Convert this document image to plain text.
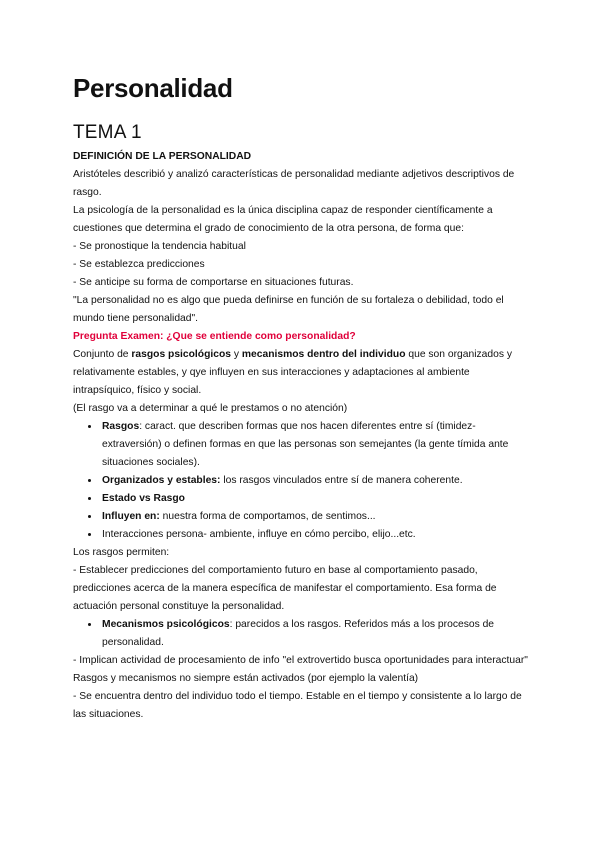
Personalidad
TEMA 1
DEFINICIÓN DE LA PERSONALIDAD
Aristóteles describió y analizó características de personalidad mediante adjetivos descriptivos de rasgo.
La psicología de la personalidad es la única disciplina capaz de responder científicamente a cuestiones que determina el grado de conocimiento de la otra persona, de forma que:
- Se pronostique la tendencia habitual
- Se establezca predicciones
- Se anticipe su forma de comportarse en situaciones futuras.
"La personalidad no es algo que pueda definirse en función de su fortaleza o debilidad, todo el mundo tiene personalidad".
Pregunta Examen: ¿Que se entiende como personalidad?
Conjunto de rasgos psicológicos y mecanismos dentro del individuo que son organizados y relativamente estables, y qye influyen en sus interacciones y adaptaciones al ambiente intrapsíquico, físico y social.
(El rasgo va a determinar a qué le prestamos o no atención)
• Rasgos: caract. que describen formas que nos hacen diferentes entre sí (timidez-extraversión) o definen formas en que las personas son semejantes (la gente tímida ante situaciones sociales).
• Organizados y estables: los rasgos vinculados entre sí de manera coherente.
• Estado vs Rasgo
• Influyen en: nuestra forma de comportamos, de sentimos...
• Interacciones persona- ambiente, influye en cómo percibo, elijo...etc.
Los rasgos permiten:
- Establecer predicciones del comportamiento futuro en base al comportamiento pasado, predicciones acerca de la manera específica de manifestar el comportamiento. Esa forma de actuación personal constituye la personalidad.
• Mecanismos psicológicos: parecidos a los rasgos. Referidos más a los procesos de personalidad.
- Implican actividad de procesamiento de info "el extrovertido busca oportunidades para interactuar"
Rasgos y mecanismos no siempre están activados (por ejemplo la valentía)
- Se encuentra dentro del individuo todo el tiempo. Estable en el tiempo y consistente a lo largo de las situaciones.
